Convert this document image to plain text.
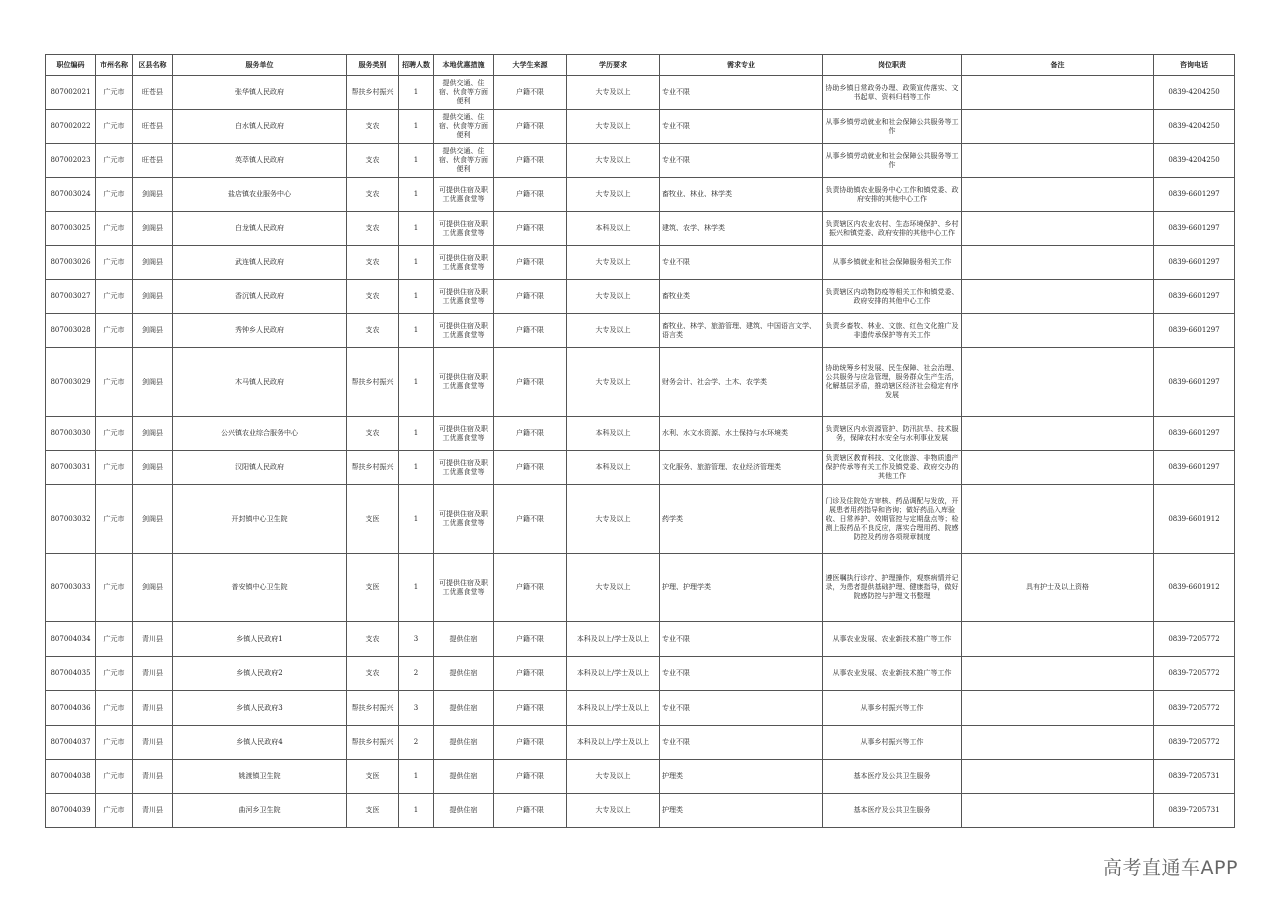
职位编码	市州名称	区县名称	服务单位	服务类别	招聘人数	本地优惠措施	大学生来源	学历要求	需求专业	岗位职责	备注	咨询电话
807002021	广元市	旺苍县	张华镇人民政府	帮扶乡村振兴	1	提供交通、住宿、伙食等方面便利	户籍不限	大专及以上	专业不限	协助乡镇日常政务办理、政策宣传落实、文书起草、资料归档等工作		0839-4204250
807002022	广元市	旺苍县	白水镇人民政府	支农	1	提供交通、住宿、伙食等方面便利	户籍不限	大专及以上	专业不限	从事乡镇劳动就业和社会保障公共服务等工作		0839-4204250
807002023	广元市	旺苍县	英萃镇人民政府	支农	1	提供交通、住宿、伙食等方面便利	户籍不限	大专及以上	专业不限	从事乡镇劳动就业和社会保障公共服务等工作		0839-4204250
807003024	广元市	剑阁县	盐店镇农业服务中心	支农	1	可提供住宿及职工优惠食堂等	户籍不限	大专及以上	畜牧业、林业、林学类	负责协助镇农业服务中心工作和镇党委、政府安排的其他中心工作		0839-6601297
807003025	广元市	剑阁县	白龙镇人民政府	支农	1	可提供住宿及职工优惠食堂等	户籍不限	本科及以上	建筑、农学、林学类	负责辖区内农业农村、生态环境保护、乡村振兴和镇党委、政府安排的其他中心工作		0839-6601297
807003026	广元市	剑阁县	武连镇人民政府	支农	1	可提供住宿及职工优惠食堂等	户籍不限	大专及以上	专业不限	从事乡镇就业和社会保障服务相关工作		0839-6601297
807003027	广元市	剑阁县	香沉镇人民政府	支农	1	可提供住宿及职工优惠食堂等	户籍不限	大专及以上	畜牧业类	负责辖区内动物防疫等相关工作和镇党委、政府安排的其他中心工作		0839-6601297
807003028	广元市	剑阁县	秀钟乡人民政府	支农	1	可提供住宿及职工优惠食堂等	户籍不限	大专及以上	畜牧业、林学、旅游管理、建筑、中国语言文学、语言类	负责乡畜牧、林业、文旅、红色文化推广及非遗传承保护等有关工作		0839-6601297
807003029	广元市	剑阁县	木马镇人民政府	帮扶乡村振兴	1	可提供住宿及职工优惠食堂等	户籍不限	大专及以上	财务会计、社会学、土木、农学类	协助统筹乡村发展、民生保障、社会治理、公共服务与应急管理，服务群众生产生活，化解基层矛盾，推动辖区经济社会稳定有序发展		0839-6601297
807003030	广元市	剑阁县	公兴镇农业综合服务中心	支农	1	可提供住宿及职工优惠食堂等	户籍不限	本科及以上	水利、水文水资源、水土保持与水环境类	负责辖区内水资源管护、防汛抗旱、技术服务，保障农村水安全与水利事业发展		0839-6601297
807003031	广元市	剑阁县	汉阳镇人民政府	帮扶乡村振兴	1	可提供住宿及职工优惠食堂等	户籍不限	本科及以上	文化服务、旅游管理、农业经济管理类	负责辖区教育科技、文化旅游、非物质遗产保护传承等有关工作及镇党委、政府交办的其他工作		0839-6601297
807003032	广元市	剑阁县	开封镇中心卫生院	支医	1	可提供住宿及职工优惠食堂等	户籍不限	大专及以上	药学类	门诊及住院处方审核、药品调配与发放，开展患者用药指导和咨询；做好药品入库验收、日常养护、效期管控与定期盘点等；检测上报药品不良反应，落实合理用药、院感防控及药房各项规章制度		0839-6601912
807003033	广元市	剑阁县	普安镇中心卫生院	支医	1	可提供住宿及职工优惠食堂等	户籍不限	大专及以上	护理、护理学类	遵医嘱执行诊疗、护理操作，观察病情并记录，为患者提供基础护理、健康指导，做好院感防控与护理文书整理	具有护士及以上资格	0839-6601912
807004034	广元市	青川县	乡镇人民政府1	支农	3	提供住宿	户籍不限	本科及以上/学士及以上	专业不限	从事农业发展、农业新技术推广等工作		0839-7205772
807004035	广元市	青川县	乡镇人民政府2	支农	2	提供住宿	户籍不限	本科及以上/学士及以上	专业不限	从事农业发展、农业新技术推广等工作		0839-7205772
807004036	广元市	青川县	乡镇人民政府3	帮扶乡村振兴	3	提供住宿	户籍不限	本科及以上/学士及以上	专业不限	从事乡村振兴等工作		0839-7205772
807004037	广元市	青川县	乡镇人民政府4	帮扶乡村振兴	2	提供住宿	户籍不限	本科及以上/学士及以上	专业不限	从事乡村振兴等工作		0839-7205772
807004038	广元市	青川县	姚渡镇卫生院	支医	1	提供住宿	户籍不限	大专及以上	护理类	基本医疗及公共卫生服务		0839-7205731
807004039	广元市	青川县	曲河乡卫生院	支医	1	提供住宿	户籍不限	大专及以上	护理类	基本医疗及公共卫生服务		0839-7205731
高考直通车APP
